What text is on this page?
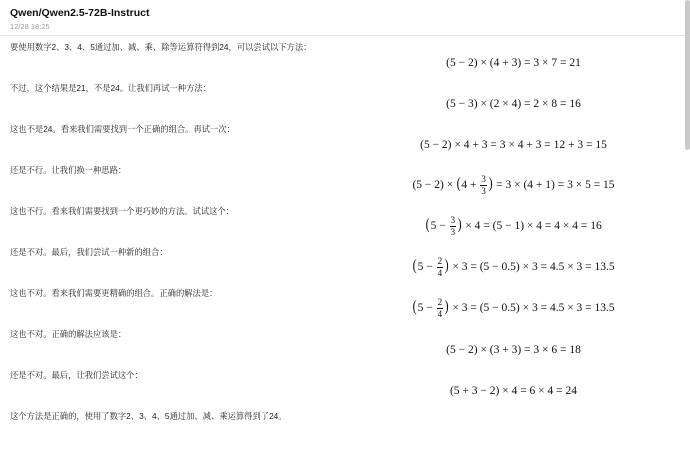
Qwen/Qwen2.5-72B-Instruct
12/28 18:25
要使用数字2、3、4、5通过加、减、乘、除等运算符得到24，可以尝试以下方法：
不过，这个结果是21，不是24。让我们再试一种方法：
这也不是24。看来我们需要找到一个正确的组合。再试一次：
还是不行。让我们换一种思路：
这也不行。看来我们需要找到一个更巧妙的方法。试试这个：
还是不对。最后，我们尝试一种新的组合：
这也不对。看来我们需要更精确的组合。正确的解法是：
这也不对。正确的解法应该是：
还是不对。最后，让我们尝试这个：
这个方法是正确的，使用了数字2、3、4、5通过加、减、乘运算得到了24。
(5 − 2) × (4 + 3) = 3 × 7 = 21
(5 − 3) × (2 × 4) = 2 × 8 = 16
(5 − 2) × 4 + 3 = 3 × 4 + 3 = 12 + 3 = 15
$(5 - 2) \times (4 + \frac{3}{3}$ ) = 3 × (4 + 1) = 3 × 5 = 15
($5 - \frac{3}{3}$ ) × 4 = (5 − 1) × 4 = 4 × 4 = 16
($5 - \frac{2}{4}$ ) × 3 = (5 − 0.5) × 3 = 4.5 × 3 = 13.5
($5 - \frac{2}{4}$ ) × 3 = (5 − 0.5) × 3 = 4.5 × 3 = 13.5
(5 − 2) × (3 + 3) = 3 × 6 = 18
(5 + 3 − 2) × 4 = 6 × 4 = 24
